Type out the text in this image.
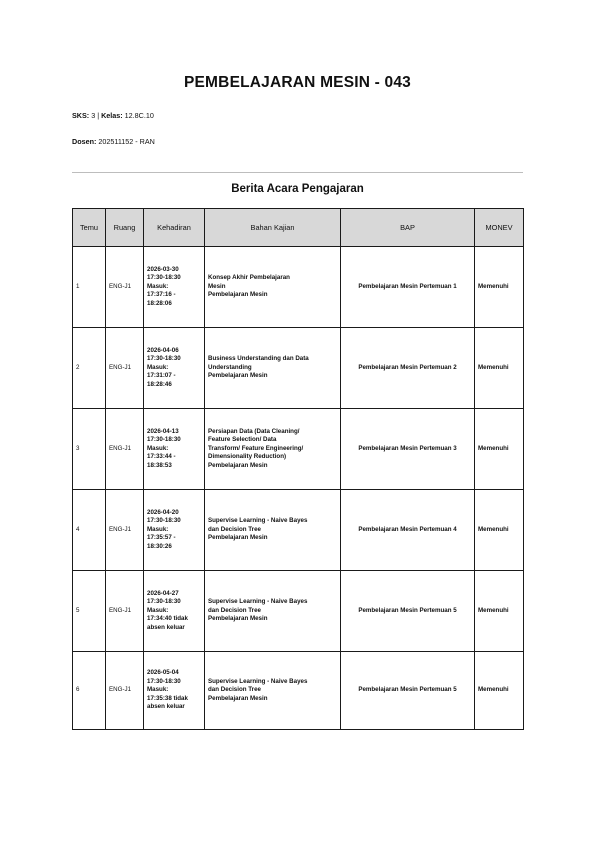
PEMBELAJARAN MESIN - 043
SKS: 3 | Kelas: 12.8C.10
Dosen: 202511152 - RAN
Berita Acara Pengajaran
Temu	Ruang	Kehadiran	Bahan Kajian	BAP	MONEV
1	ENG-J1	2026-03-30
17:30-18:30
Masuk:
17:37:16 -
18:28:06	Konsep Akhir Pembelajaran
Mesin
Pembelajaran Mesin	Pembelajaran Mesin Pertemuan 1	Memenuhi
2	ENG-J1	2026-04-06
17:30-18:30
Masuk:
17:31:07 -
18:28:46	Business Understanding dan Data
Understanding
Pembelajaran Mesin	Pembelajaran Mesin Pertemuan 2	Memenuhi
3	ENG-J1	2026-04-13
17:30-18:30
Masuk:
17:33:44 -
18:38:53	Persiapan Data (Data Cleaning/
Feature Selection/ Data
Transform/ Feature Engineering/
Dimensionality Reduction)
Pembelajaran Mesin	Pembelajaran Mesin Pertemuan 3	Memenuhi
4	ENG-J1	2026-04-20
17:30-18:30
Masuk:
17:35:57 -
18:30:26	Supervise Learning - Naive Bayes
dan Decision Tree
Pembelajaran Mesin	Pembelajaran Mesin Pertemuan 4	Memenuhi
5	ENG-J1	2026-04-27
17:30-18:30
Masuk:
17:34:40 tidak
absen keluar	Supervise Learning - Naive Bayes
dan Decision Tree
Pembelajaran Mesin	Pembelajaran Mesin Pertemuan 5	Memenuhi
6	ENG-J1	2026-05-04
17:30-18:30
Masuk:
17:35:38 tidak
absen keluar	Supervise Learning - Naive Bayes
dan Decision Tree
Pembelajaran Mesin	Pembelajaran Mesin Pertemuan 5	Memenuhi
